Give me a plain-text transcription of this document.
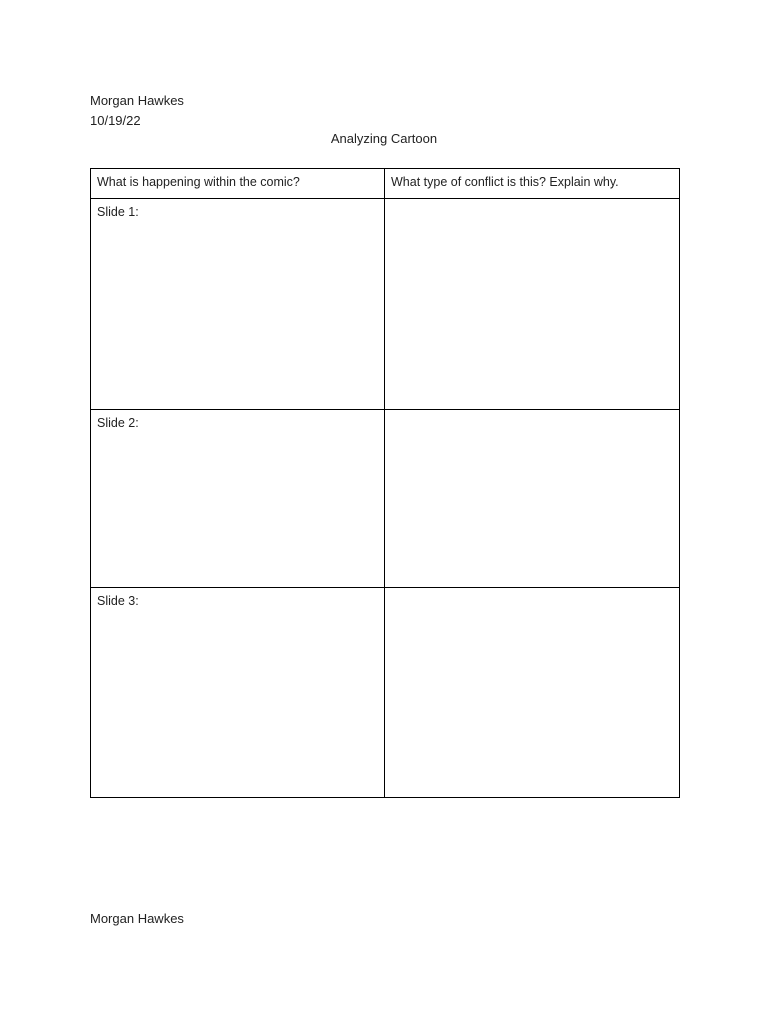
Morgan Hawkes
10/19/22
Analyzing Cartoon
What is happening within the comic?	What type of conflict is this? Explain why.
Slide 1:	
Slide 2:	
Slide 3:	
Morgan Hawkes
